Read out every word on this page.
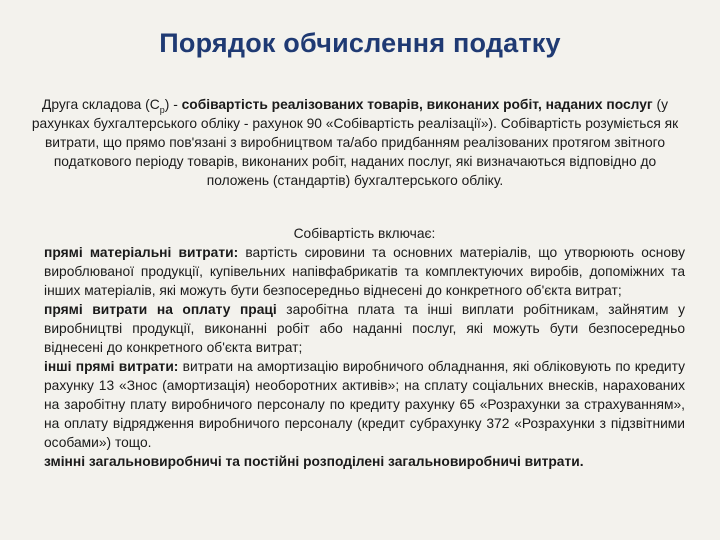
Порядок обчислення податку
Друга складова $(С_р)$ - собівартість реалізованих товарів, виконаних робіт, наданих послуг (у рахунках бухгалтерського обліку - рахунок 90 «Собівартість реалізації»). Собівартість розуміється як витрати, що прямо пов'язані з виробництвом та/або придбанням реалізованих протягом звітного податкового періоду товарів, виконаних робіт, наданих послуг, які визначаються відповідно до положень (стандартів) бухгалтерського обліку.

Собівартість включає:

прямі матеріальні витрати: вартість сировини та основних матеріалів, що утворюють основу вироблюваної продукції, купівельних напівфабрикатів та комплектуючих виробів, допоміжних та інших матеріалів, які можуть бути безпосередньо віднесені до конкретного об'єкта витрат;

прямі витрати на оплату праці заробітна плата та інші виплати робітникам, зайнятим у виробництві продукції, виконанні робіт або наданні послуг, які можуть бути безпосередньо віднесені до конкретного об'єкта витрат;

інші прямі витрати: витрати на амортизацію виробничого обладнання, які обліковують по кредиту рахунку 13 «Знос (амортизація) необоротних активів»; на сплату соціальних внесків, нарахованих на заробітну плату виробничого персоналу по кредиту рахунку 65 «Розрахунки за страхуванням», на оплату відрядження виробничого персоналу (кредит субрахунку 372 «Розрахунки з підзвітними особами») тощо.

змінні загальновиробничі та постійні розподілені загальновиробничі витрати.
